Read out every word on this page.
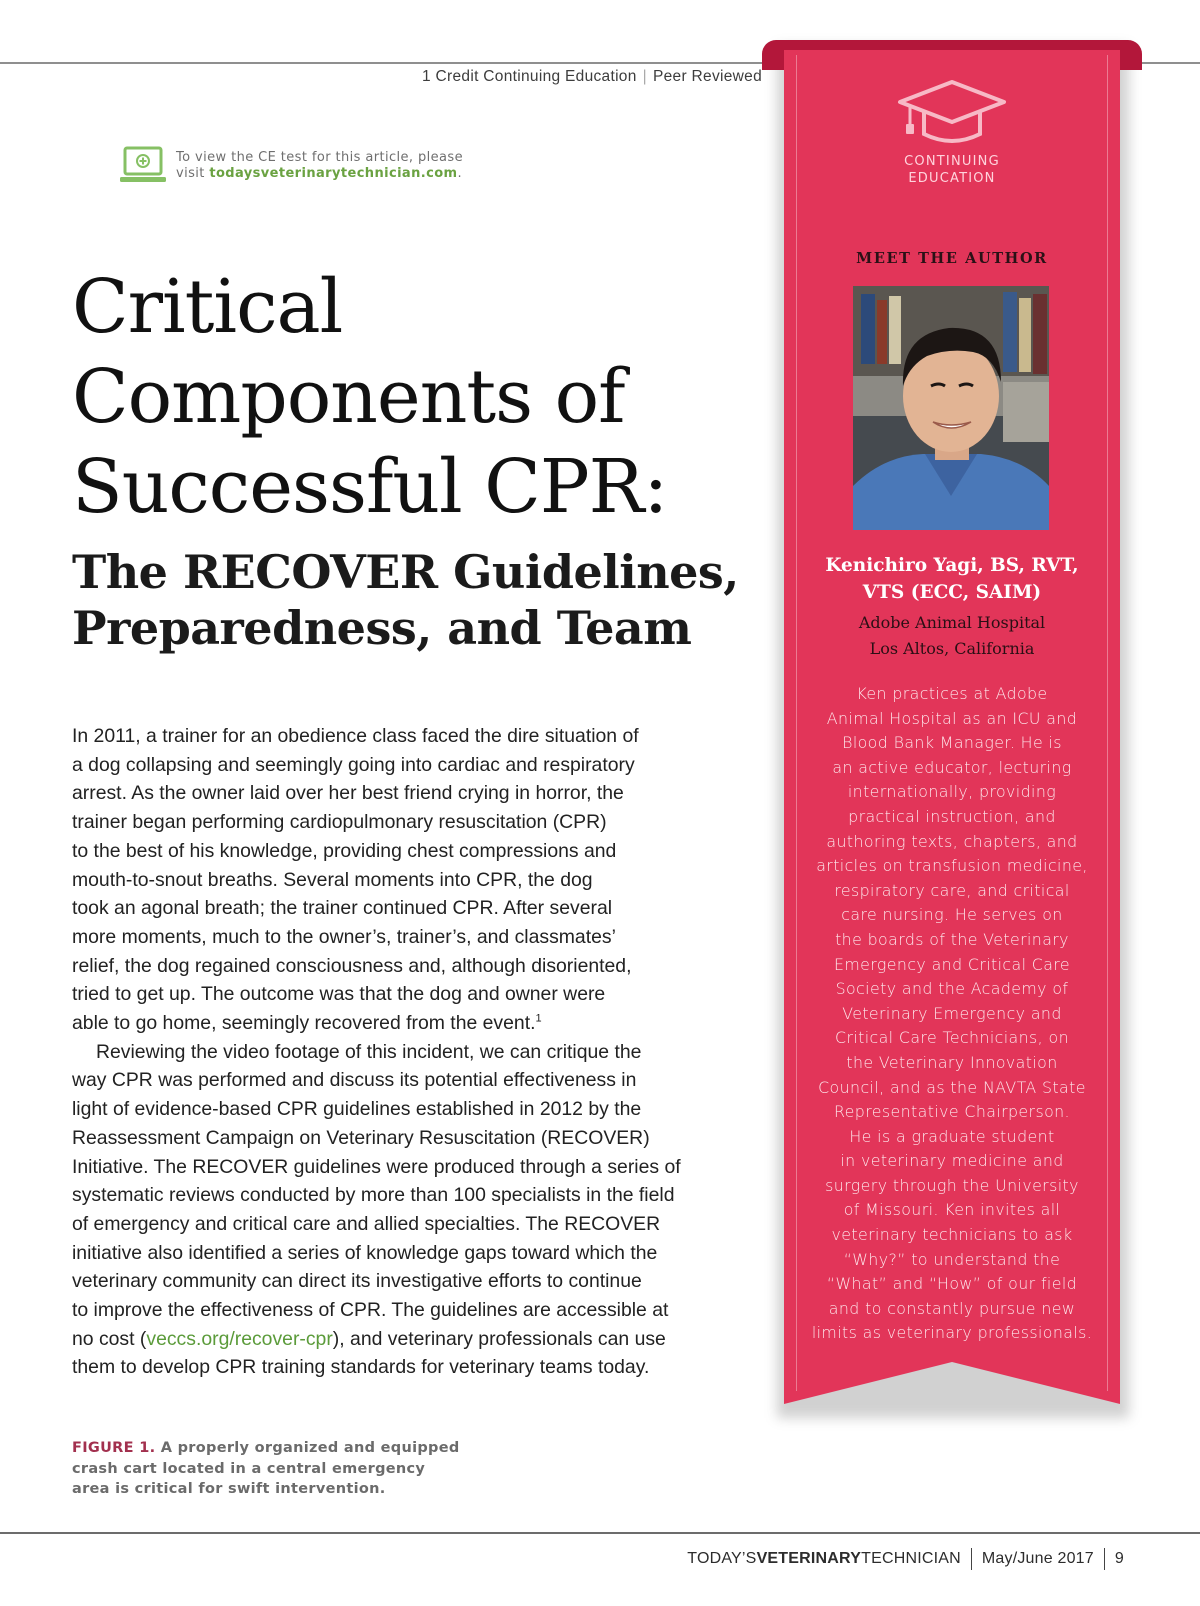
1 Credit Continuing Education | Peer Reviewed
To view the CE test for this article, please
visit todaysveterinarytechnician.com.
Critical
Components of
Successful CPR:
The RECOVER Guidelines,
Preparedness, and Team

In 2011, a trainer for an obedience class faced the dire situation of
a dog collapsing and seemingly going into cardiac and respiratory
arrest. As the owner laid over her best friend crying in horror, the
trainer began performing cardiopulmonary resuscitation (CPR)
to the best of his knowledge, providing chest compressions and
mouth-to-snout breaths. Several moments into CPR, the dog
took an agonal breath; the trainer continued CPR. After several
more moments, much to the owner’s, trainer’s, and classmates’
relief, the dog regained consciousness and, although disoriented,
tried to get up. The outcome was that the dog and owner were
able to go home, seemingly recovered from the event.$^1$

Reviewing the video footage of this incident, we can critique the
way CPR was performed and discuss its potential effectiveness in
light of evidence-based CPR guidelines established in 2012 by the
Reassessment Campaign on Veterinary Resuscitation (RECOVER)
Initiative. The RECOVER guidelines were produced through a series of
systematic reviews conducted by more than 100 specialists in the field
of emergency and critical care and allied specialties. The RECOVER
initiative also identified a series of knowledge gaps toward which the
veterinary community can direct its investigative efforts to continue
to improve the effectiveness of CPR. The guidelines are accessible at
no cost (veccs.org/recover-cpr), and veterinary professionals can use
them to develop CPR training standards for veterinary teams today.

FIGURE 1. A properly organized and equipped
crash cart located in a central emergency
area is critical for swift intervention.
CONTINUING
EDUCATION
MEET THE AUTHOR
Kenichiro Yagi, BS, RVT,
VTS (ECC, SAIM)
Adobe Animal Hospital
Los Altos, California
Ken practices at Adobe
Animal Hospital as an ICU and
Blood Bank Manager. He is
an active educator, lecturing
internationally, providing
practical instruction, and
authoring texts, chapters, and
articles on transfusion medicine,
respiratory care, and critical
care nursing. He serves on
the boards of the Veterinary
Emergency and Critical Care
Society and the Academy of
Veterinary Emergency and
Critical Care Technicians, on
the Veterinary Innovation
Council, and as the NAVTA State
Representative Chairperson.
He is a graduate student
in veterinary medicine and
surgery through the University
of Missouri. Ken invites all
veterinary technicians to ask
“Why?” to understand the
“What” and “How” of our field
and to constantly pursue new
limits as veterinary professionals.
TODAY’SVETERINARYTECHNICIAN May/June 2017 9
